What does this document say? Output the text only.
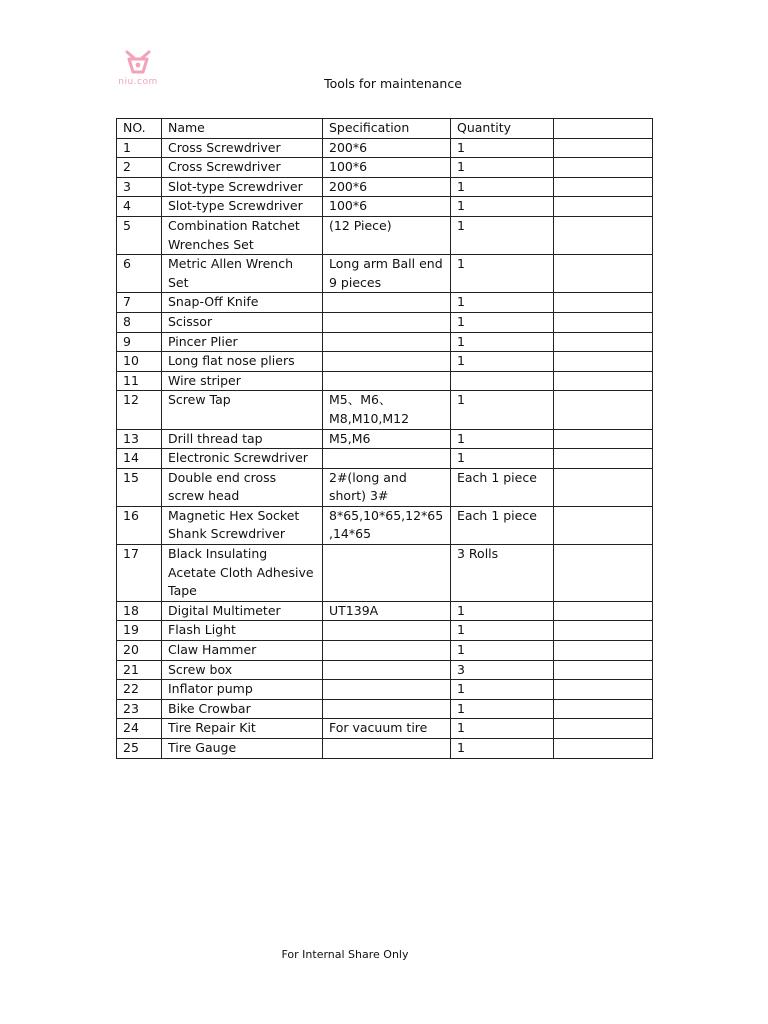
niu.com	Tools for maintenance
NO.	Name	Specification	Quantity	
1	Cross Screwdriver	200*6	1	
2	Cross Screwdriver	100*6	1	
3	Slot-type Screwdriver	200*6	1	
4	Slot-type Screwdriver	100*6	1	
5	Combination Ratchet Wrenches Set	(12 Piece)	1	
6	Metric Allen Wrench Set	Long arm Ball end 9 pieces	1	
7	Snap-Off Knife		1	
8	Scissor		1	
9	Pincer Plier		1	
10	Long flat nose pliers		1	
11	Wire striper			
12	Screw Tap	M5、M6、M8,M10,M12	1	
13	Drill thread tap	M5,M6	1	
14	Electronic Screwdriver		1	
15	Double end cross screw head	2#(long and short) 3#	Each 1 piece	
16	Magnetic Hex Socket Shank Screwdriver	8*65,10*65,12*65,14*65	Each 1 piece	
17	Black Insulating Acetate Cloth Adhesive Tape		3 Rolls	
18	Digital Multimeter	UT139A	1	
19	Flash Light		1	
20	Claw Hammer		1	
21	Screw box		3	
22	Inflator pump		1	
23	Bike Crowbar		1	
24	Tire Repair Kit	For vacuum tire	1	
25	Tire Gauge		1	
For Internal Share Only
